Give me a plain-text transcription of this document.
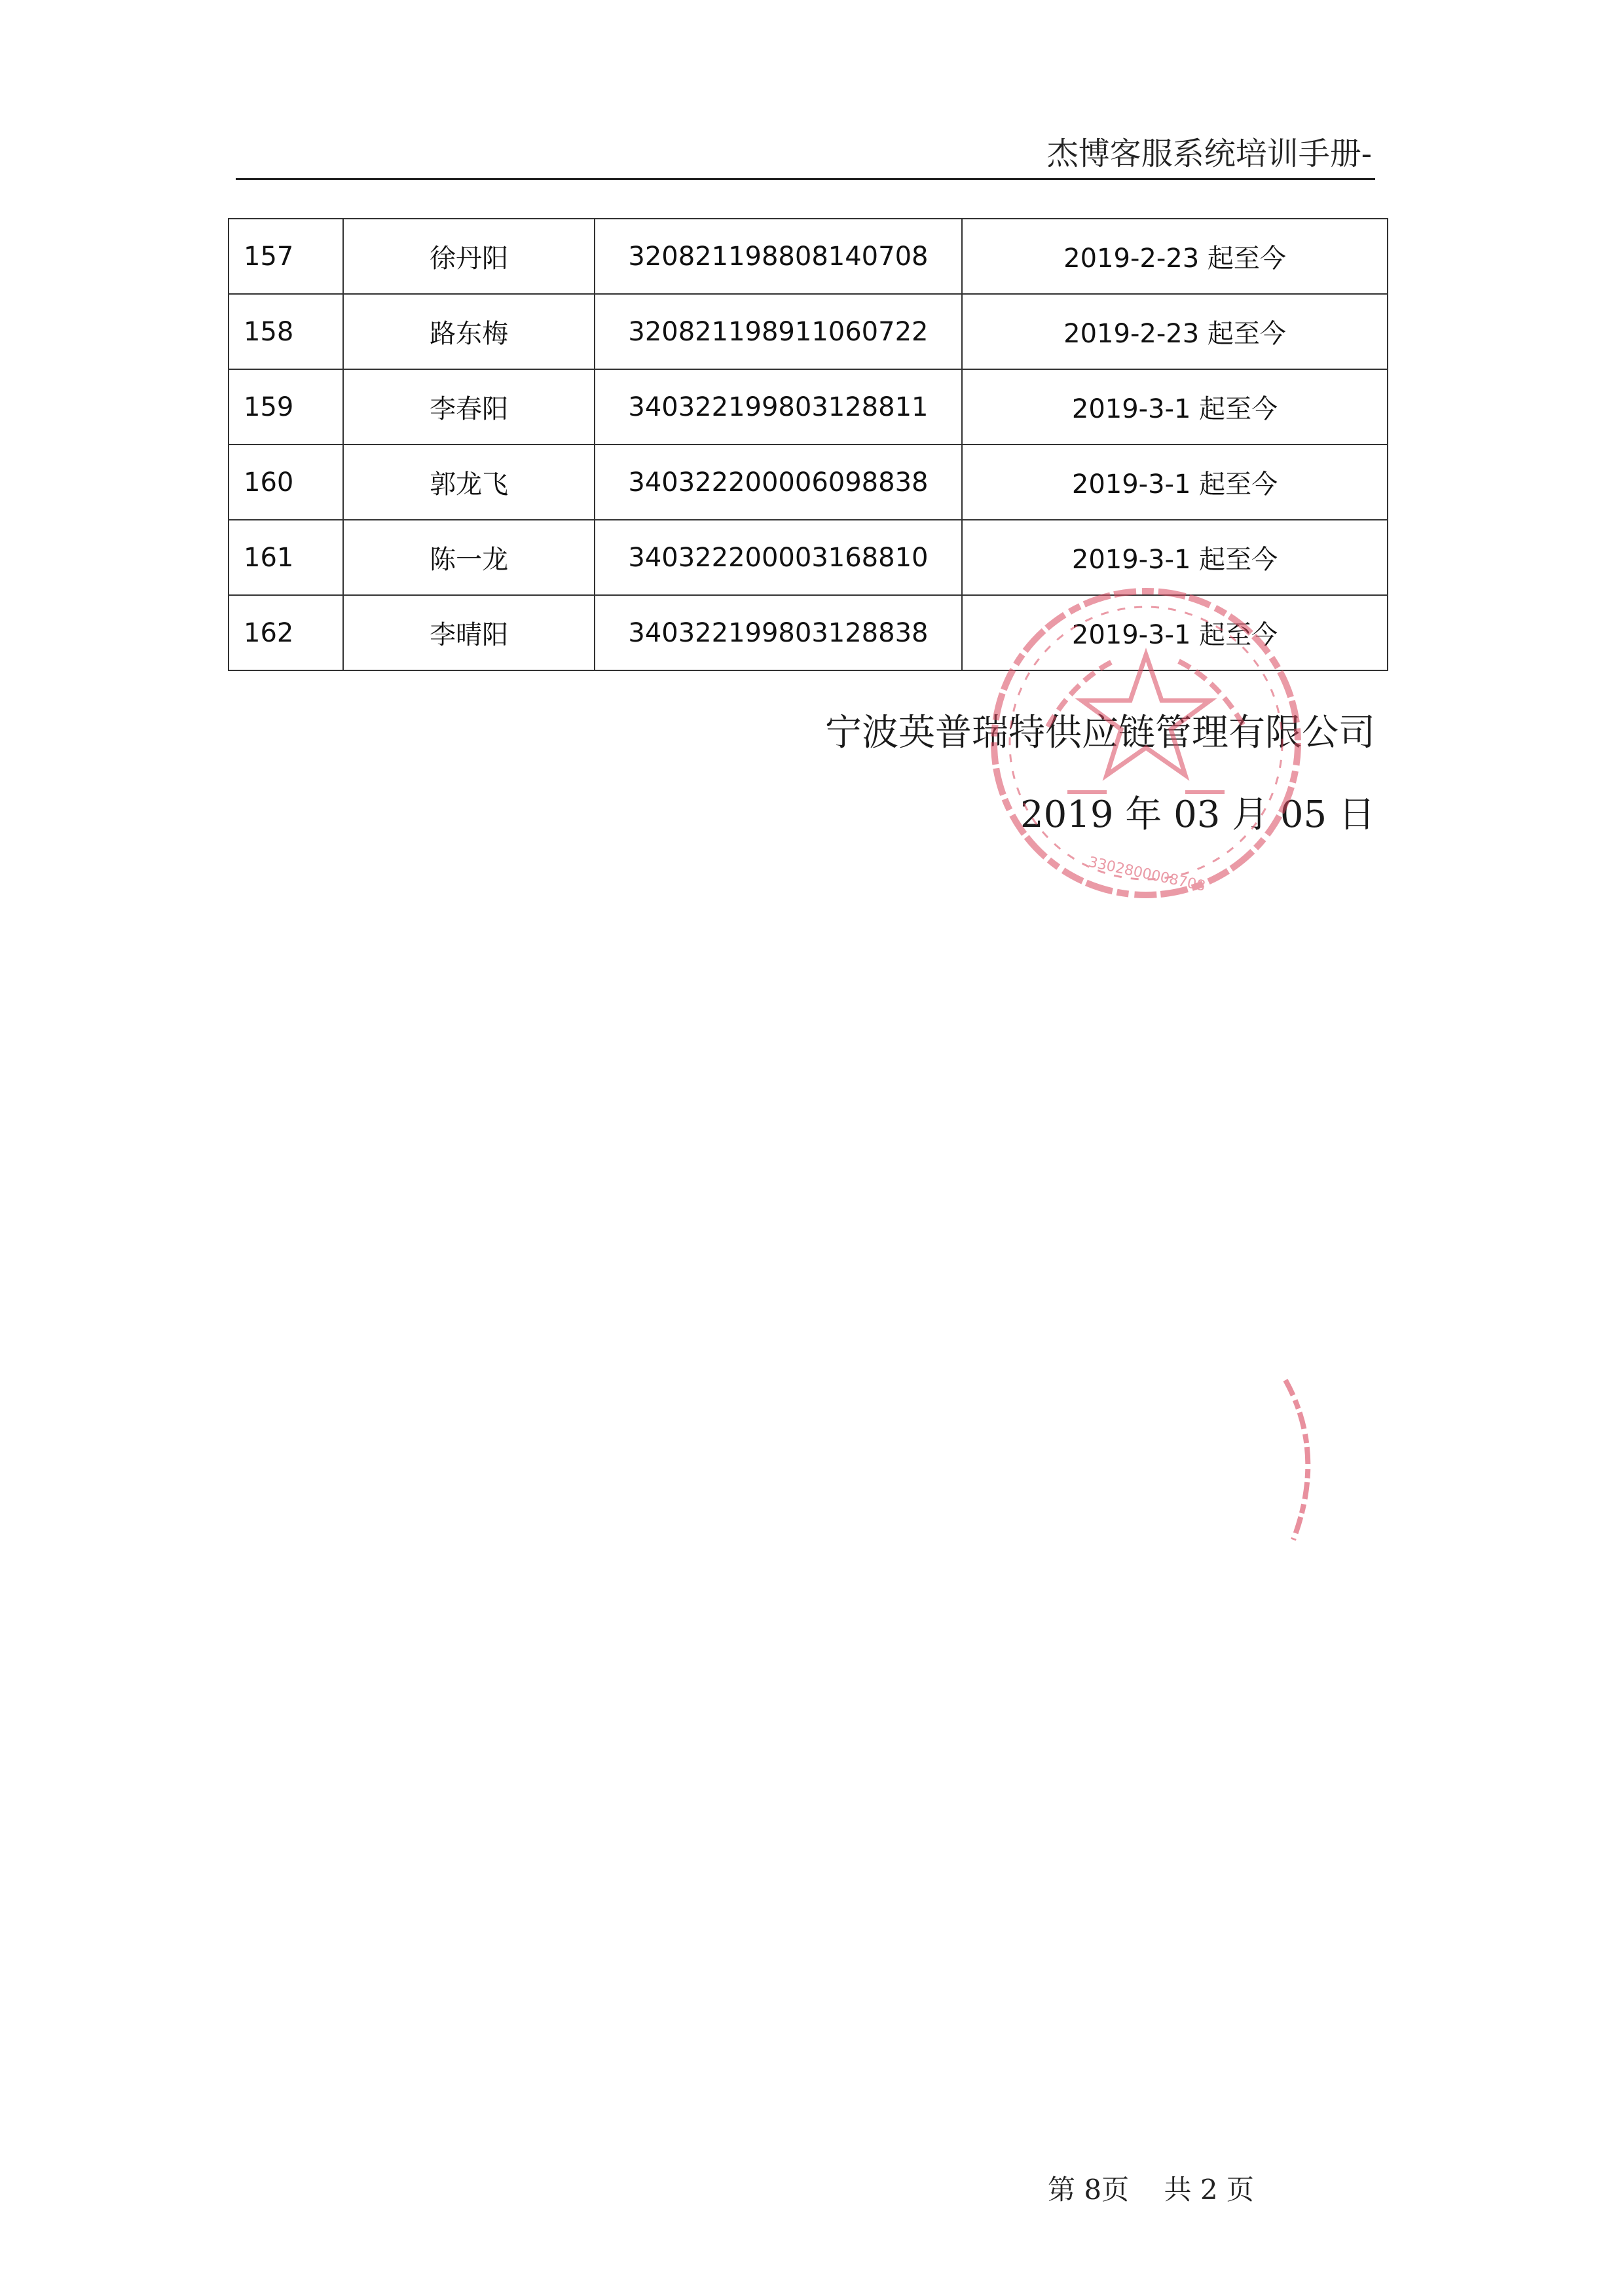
杰博客服系统培训手册-
157	徐丹阳	320821198808140708	2019-2-23 起至今
158	路东梅	320821198911060722	2019-2-23 起至今
159	李春阳	340322199803128811	2019-3-1 起至今
160	郭龙飞	340322200006098838	2019-3-1 起至今
161	陈一龙	340322200003168810	2019-3-1 起至今
162	李晴阳	340322199803128838	2019-3-1 起至今
宁波英普瑞特供应链管理有限公司
2019 年 03 月 05 日
3302800008708
第 8页 共 2 页
